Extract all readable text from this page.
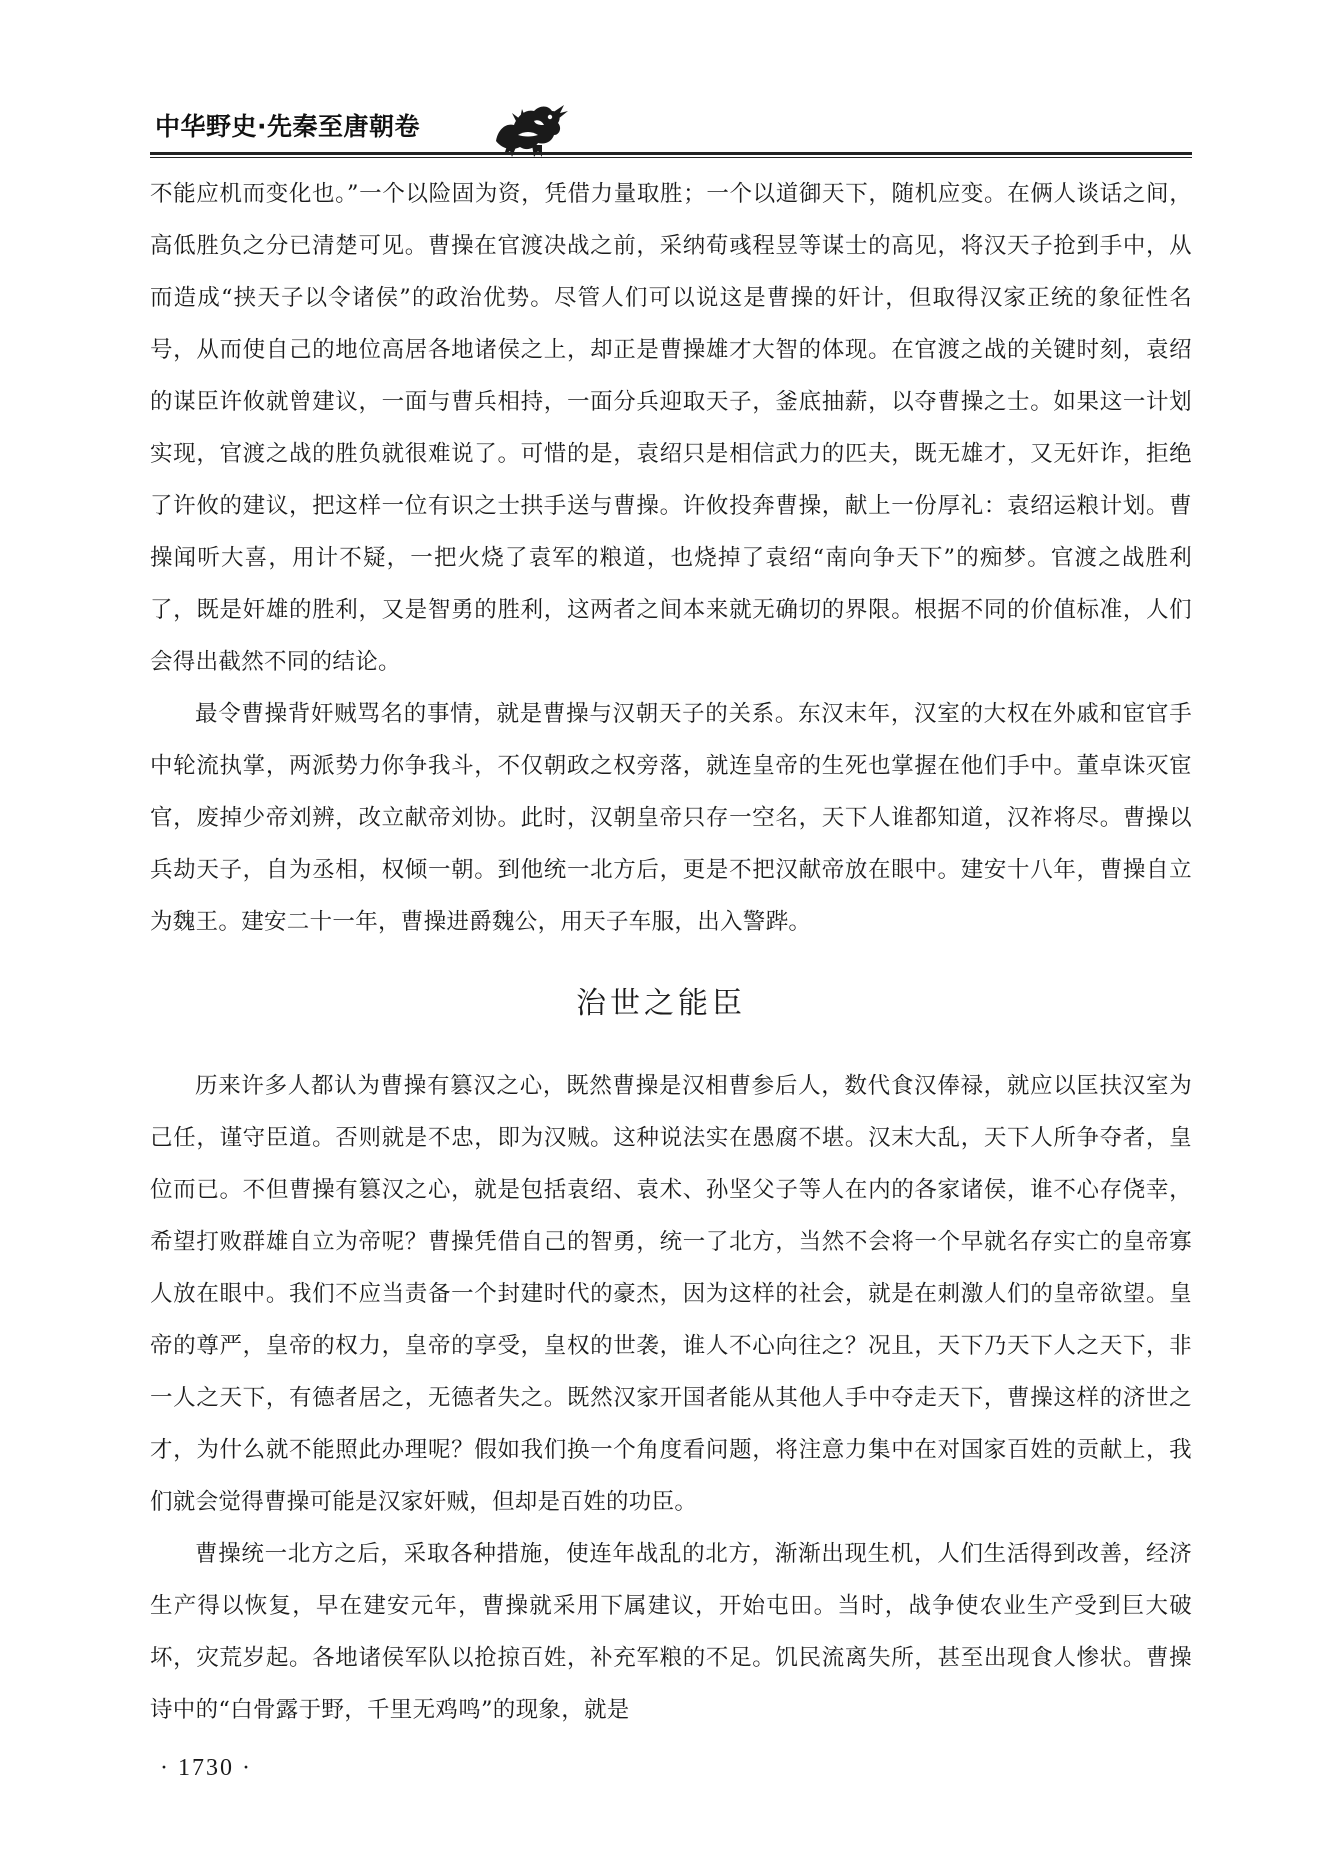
中华野史·先秦至唐朝卷

不能应机而变化也。”一个以险固为资，凭借力量取胜；一个以道御天下，随机应变。在俩人谈话之间，高低胜负之分已清楚可见。曹操在官渡决战之前，采纳荀彧程昱等谋士的高见，将汉天子抢到手中，从而造成“挟天子以令诸侯”的政治优势。尽管人们可以说这是曹操的奸计，但取得汉家正统的象征性名号，从而使自己的地位高居各地诸侯之上，却正是曹操雄才大智的体现。在官渡之战的关键时刻，袁绍的谋臣许攸就曾建议，一面与曹兵相持，一面分兵迎取天子，釜底抽薪，以夺曹操之士。如果这一计划实现，官渡之战的胜负就很难说了。可惜的是，袁绍只是相信武力的匹夫，既无雄才，又无奸诈，拒绝了许攸的建议，把这样一位有识之士拱手送与曹操。许攸投奔曹操，献上一份厚礼：袁绍运粮计划。曹操闻听大喜，用计不疑，一把火烧了袁军的粮道，也烧掉了袁绍“南向争天下”的痴梦。官渡之战胜利了，既是奸雄的胜利，又是智勇的胜利，这两者之间本来就无确切的界限。根据不同的价值标准，人们会得出截然不同的结论。

最令曹操背奸贼骂名的事情，就是曹操与汉朝天子的关系。东汉末年，汉室的大权在外戚和宦官手中轮流执掌，两派势力你争我斗，不仅朝政之权旁落，就连皇帝的生死也掌握在他们手中。董卓诛灭宦官，废掉少帝刘辨，改立献帝刘协。此时，汉朝皇帝只存一空名，天下人谁都知道，汉祚将尽。曹操以兵劫天子，自为丞相，权倾一朝。到他统一北方后，更是不把汉献帝放在眼中。建安十八年，曹操自立为魏王。建安二十一年，曹操进爵魏公，用天子车服，出入警跸。

治世之能臣

历来许多人都认为曹操有篡汉之心，既然曹操是汉相曹参后人，数代食汉俸禄，就应以匡扶汉室为己任，谨守臣道。否则就是不忠，即为汉贼。这种说法实在愚腐不堪。汉末大乱，天下人所争夺者，皇位而已。不但曹操有篡汉之心，就是包括袁绍、袁术、孙坚父子等人在内的各家诸侯，谁不心存侥幸，希望打败群雄自立为帝呢？曹操凭借自己的智勇，统一了北方，当然不会将一个早就名存实亡的皇帝寡人放在眼中。我们不应当责备一个封建时代的豪杰，因为这样的社会，就是在刺激人们的皇帝欲望。皇帝的尊严，皇帝的权力，皇帝的享受，皇权的世袭，谁人不心向往之？况且，天下乃天下人之天下，非一人之天下，有德者居之，无德者失之。既然汉家开国者能从其他人手中夺走天下，曹操这样的济世之才，为什么就不能照此办理呢？假如我们换一个角度看问题，将注意力集中在对国家百姓的贡献上，我们就会觉得曹操可能是汉家奸贼，但却是百姓的功臣。

曹操统一北方之后，采取各种措施，使连年战乱的北方，渐渐出现生机，人们生活得到改善，经济生产得以恢复，早在建安元年，曹操就采用下属建议，开始屯田。当时，战争使农业生产受到巨大破坏，灾荒岁起。各地诸侯军队以抢掠百姓，补充军粮的不足。饥民流离失所，甚至出现食人惨状。曹操诗中的“白骨露于野，千里无鸡鸣”的现象，就是

· 1730 ·
